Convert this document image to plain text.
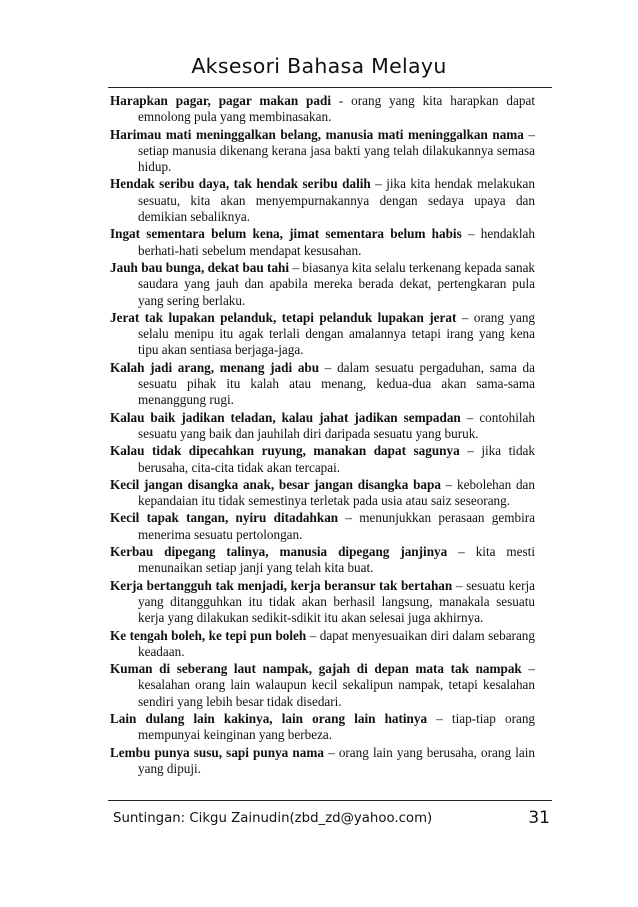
Aksesori Bahasa Melayu

Harapkan pagar, pagar makan padi - orang yang kita harapkan dapat emnolong pula yang membinasakan.

Harimau mati meninggalkan belang, manusia mati meninggalkan nama – setiap manusia dikenang kerana jasa bakti yang telah dilakukannya semasa hidup.

Hendak seribu daya, tak hendak seribu dalih – jika kita hendak melakukan sesuatu, kita akan menyempurnakannya dengan sedaya upaya dan demikian sebaliknya.

Ingat sementara belum kena, jimat sementara belum habis – hendaklah berhati-hati sebelum mendapat kesusahan.

Jauh bau bunga, dekat bau tahi – biasanya kita selalu terkenang kepada sanak saudara yang jauh dan apabila mereka berada dekat, pertengkaran pula yang sering berlaku.

Jerat tak lupakan pelanduk, tetapi pelanduk lupakan jerat – orang yang selalu menipu itu agak terlali dengan amalannya tetapi irang yang kena tipu akan sentiasa berjaga-jaga.

Kalah jadi arang, menang jadi abu – dalam sesuatu pergaduhan, sama da sesuatu pihak itu kalah atau menang, kedua-dua akan sama-sama menanggung rugi.

Kalau baik jadikan teladan, kalau jahat jadikan sempadan – contohilah sesuatu yang baik dan jauhilah diri daripada sesuatu yang buruk.

Kalau tidak dipecahkan ruyung, manakan dapat sagunya – jika tidak berusaha, cita-cita tidak akan tercapai.

Kecil jangan disangka anak, besar jangan disangka bapa – kebolehan dan kepandaian itu tidak semestinya terletak pada usia atau saiz seseorang.

Kecil tapak tangan, nyiru ditadahkan – menunjukkan perasaan gembira menerima sesuatu pertolongan.

Kerbau dipegang talinya, manusia dipegang janjinya – kita mesti menunaikan setiap janji yang telah kita buat.

Kerja bertangguh tak menjadi, kerja beransur tak bertahan – sesuatu kerja yang ditangguhkan itu tidak akan berhasil langsung, manakala sesuatu kerja yang dilakukan sedikit-sdikit itu akan selesai juga akhirnya.

Ke tengah boleh, ke tepi pun boleh – dapat menyesuaikan diri dalam sebarang keadaan.

Kuman di seberang laut nampak, gajah di depan mata tak nampak – kesalahan orang lain walaupun kecil sekalipun nampak, tetapi kesalahan sendiri yang lebih besar tidak disedari.

Lain dulang lain kakinya, lain orang lain hatinya – tiap-tiap orang mempunyai keinginan yang berbeza.

Lembu punya susu, sapi punya nama – orang lain yang berusaha, orang lain yang dipuji.

Suntingan: Cikgu Zainudin(zbd_zd@yahoo.com)	31
